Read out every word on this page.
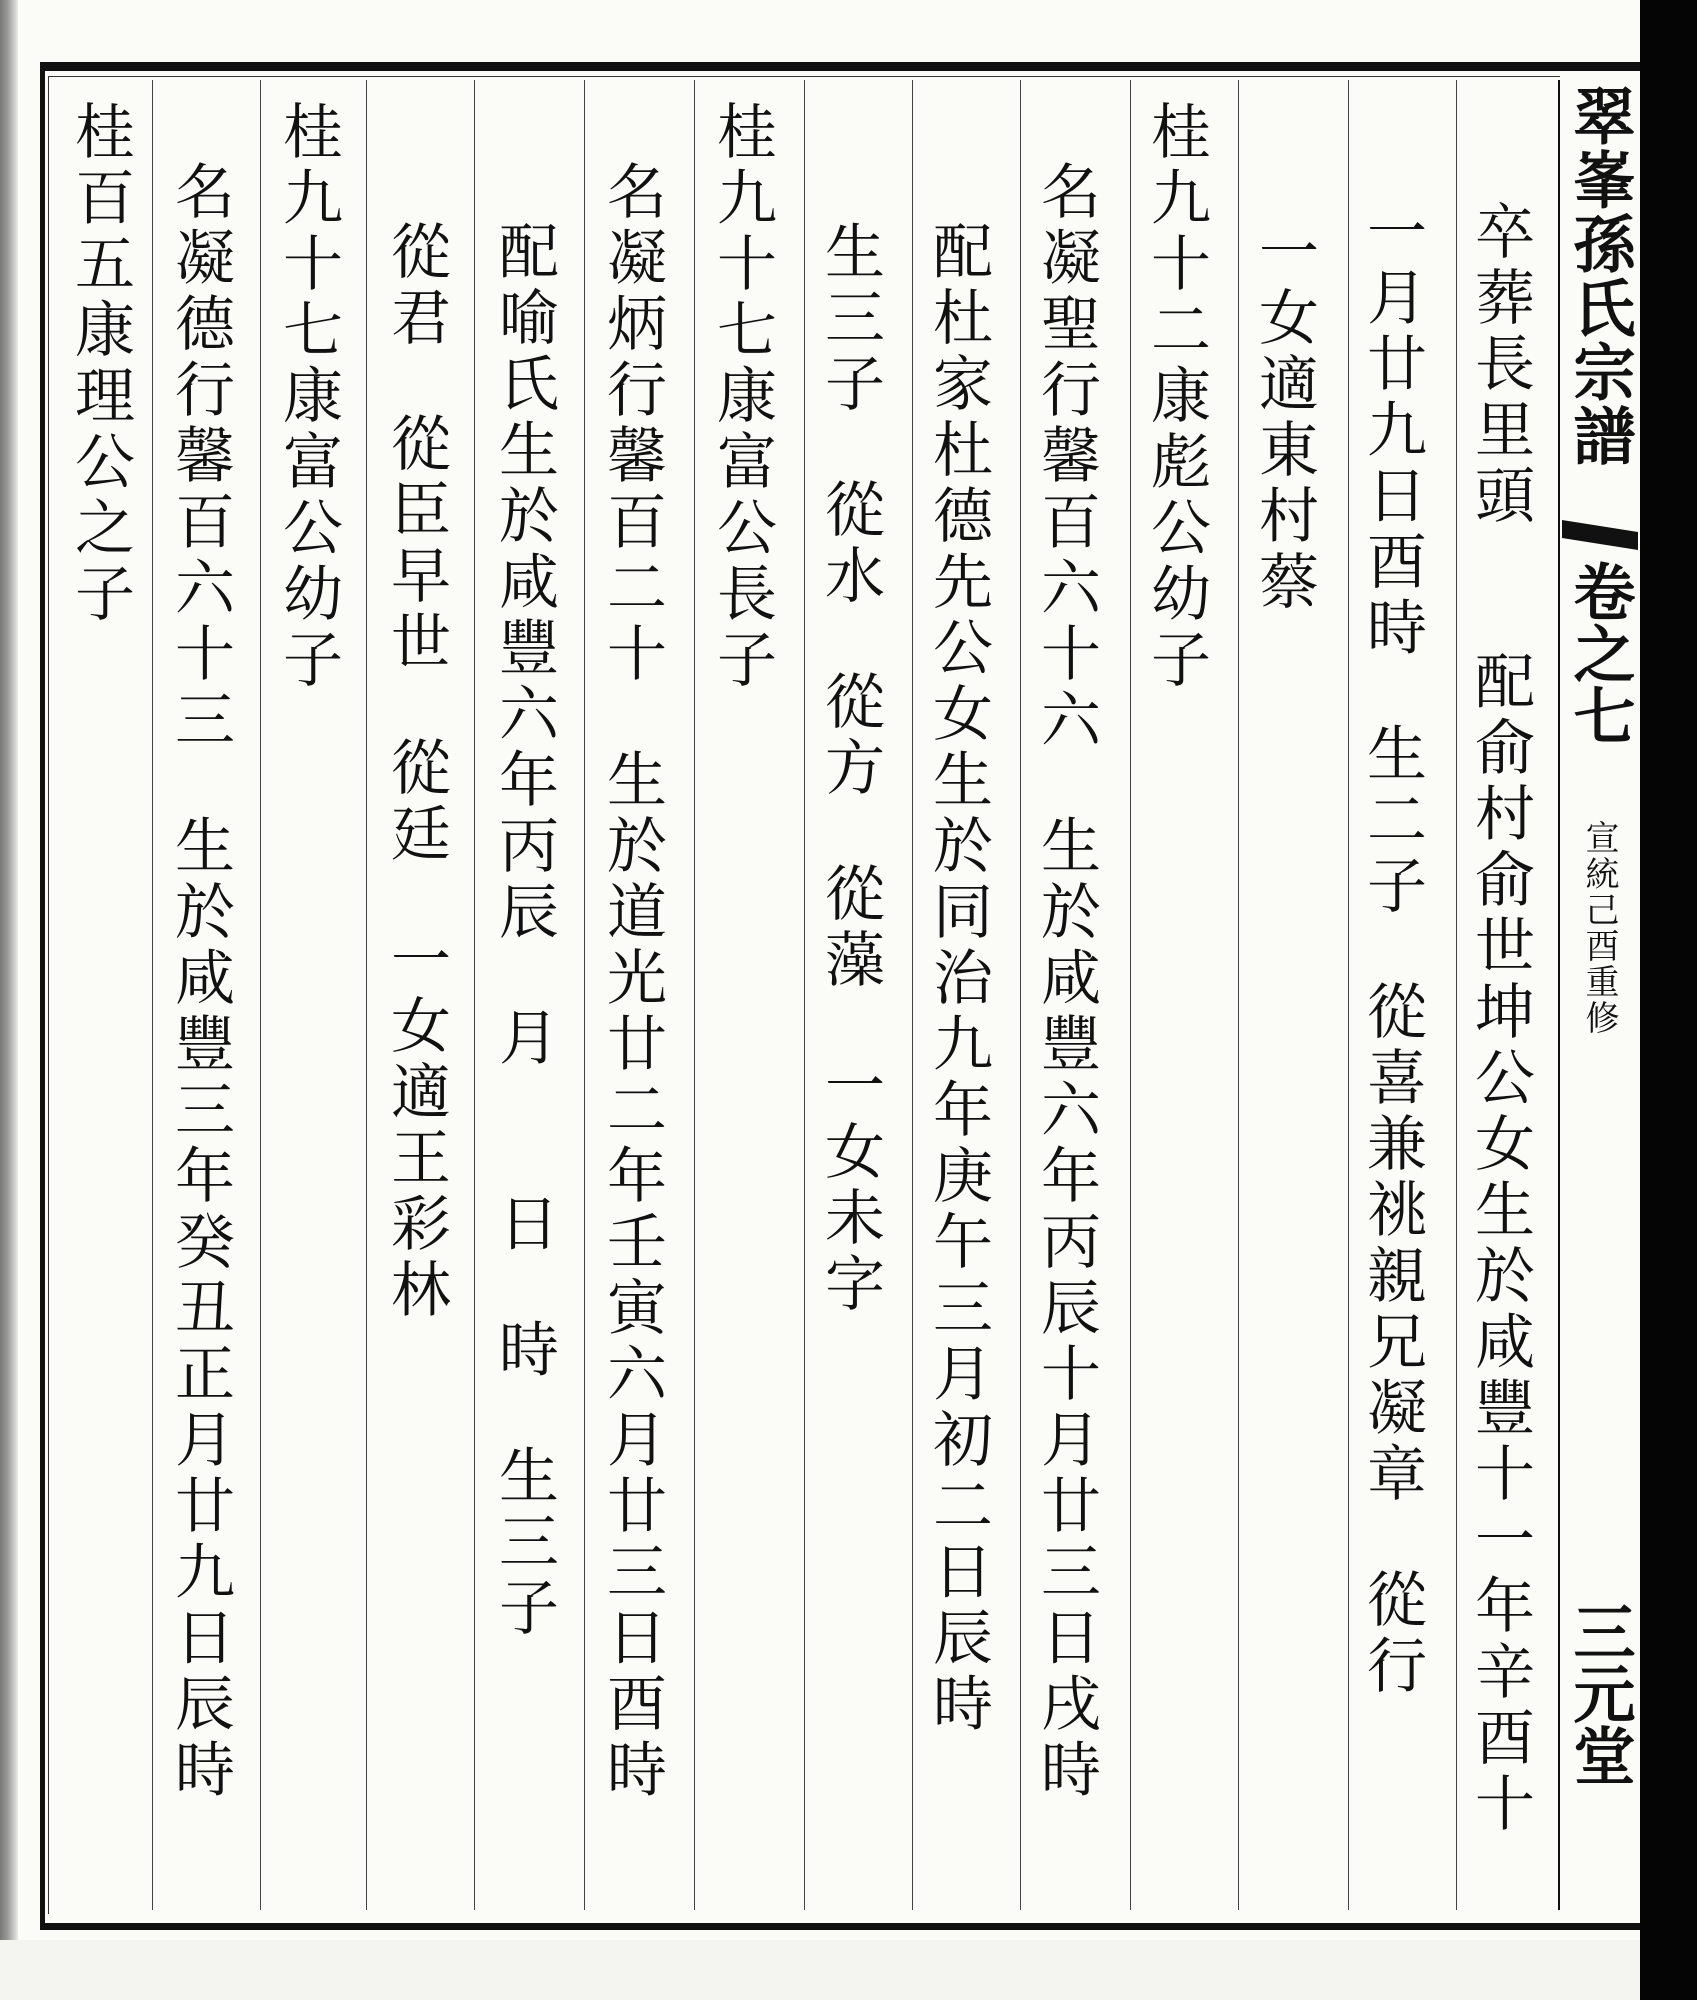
翠峯孫氏宗譜
卷之七
宣統己酉重修
三元堂
卒葬長里頭配俞村俞世坤公女生於咸豐十一年辛酉十
一月廿九日酉時生二子從喜兼祧親兄凝章從行
一女適東村蔡
桂九十二康彪公幼子
名凝聖行馨百六十六生於咸豐六年丙辰十月廿三日戌時
配杜家杜德先公女生於同治九年庚午三月初二日辰時
生三子從水從方從藻一女未字
桂九十七康富公長子
名凝炳行馨百二十生於道光廿二年壬寅六月廿三日酉時
配喻氏生於咸豐六年丙辰月日時生三子
從君從臣早世從廷一女適王彩林
桂九十七康富公幼子
名凝德行馨百六十三生於咸豐三年癸丑正月廿九日辰時
桂百五康理公之子
